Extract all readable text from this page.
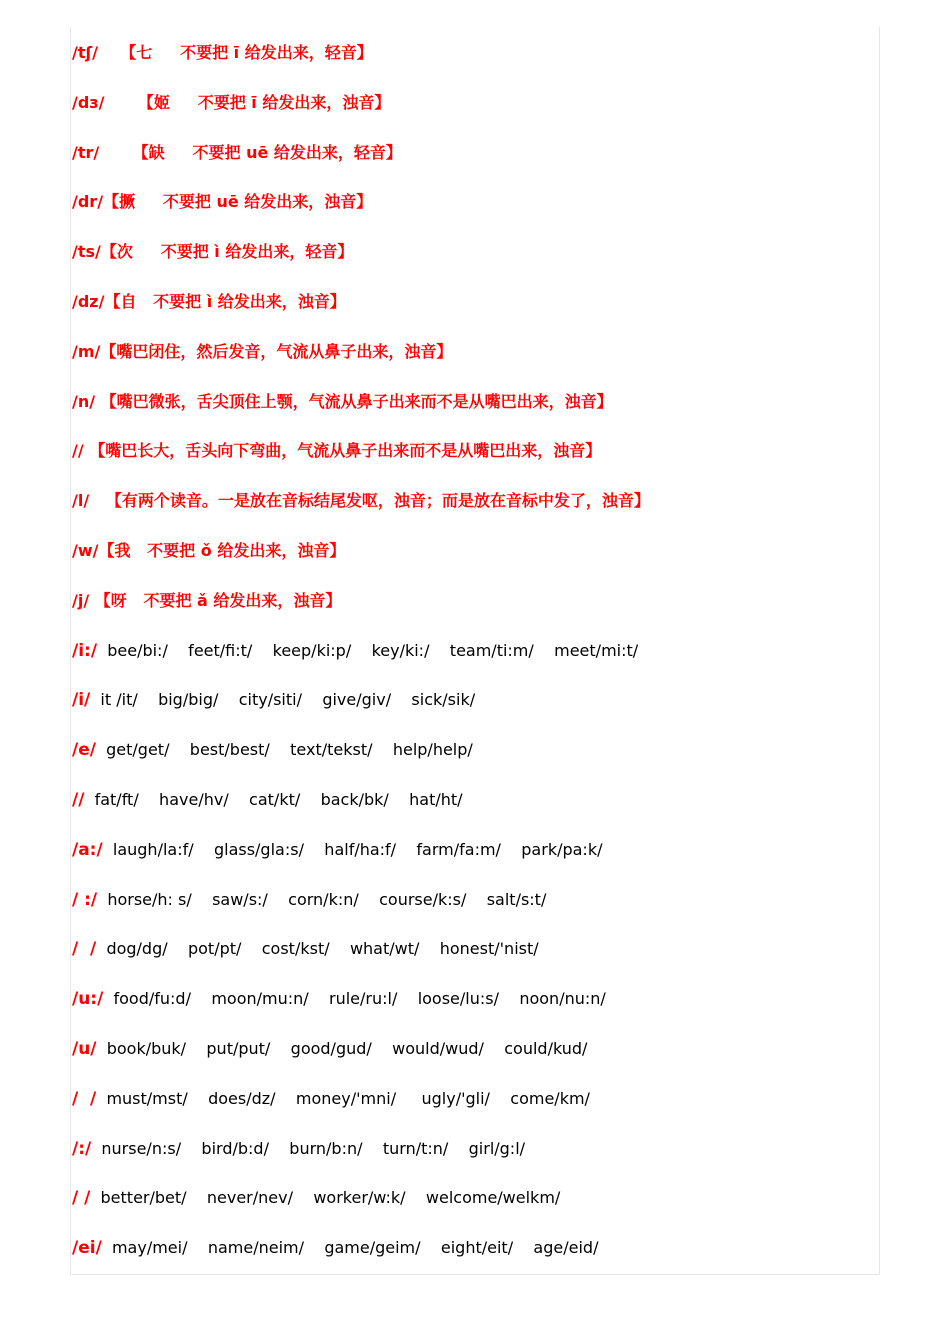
/tʃ/    【七     不要把 ī 给发出来，轻音】
/dз/      【姬     不要把 ī 给发出来，浊音】
/tr/      【缺     不要把 uē 给发出来，轻音】
/dr/【撅     不要把 uē 给发出来，浊音】
/ts/【次     不要把 ì 给发出来，轻音】
/dz/【自   不要把 ì 给发出来，浊音】
/m/【嘴巴闭住，然后发音，气流从鼻子出来，浊音】
/n/ 【嘴巴微张，舌尖顶住上颚，气流从鼻子出来而不是从嘴巴出来，浊音】
// 【嘴巴长大，舌头向下弯曲，气流从鼻子出来而不是从嘴巴出来，浊音】
/l/   【有两个读音。一是放在音标结尾发呕，浊音；而是放在音标中发了，浊音】
/w/【我   不要把 ǒ 给发出来，浊音】
/j/ 【呀   不要把 ǎ 给发出来，浊音】
/i:/  bee/bi:/    feet/fi:t/    keep/ki:p/    key/ki:/    team/ti:m/    meet/mi:t/
/i/  it /it/    big/big/    city/siti/    give/giv/    sick/sik/
/e/  get/get/    best/best/    text/tekst/    help/help/
//  fat/ft/    have/hv/    cat/kt/    back/bk/    hat/ht/
/a:/  laugh/la:f/    glass/gla:s/    half/ha:f/    farm/fa:m/    park/pa:k/
/ :/  horse/h: s/    saw/s:/    corn/k:n/    course/k:s/    salt/s:t/
/  /  dog/dg/    pot/pt/    cost/kst/    what/wt/    honest/'nist/
/u:/  food/fu:d/    moon/mu:n/    rule/ru:l/    loose/lu:s/    noon/nu:n/
/u/  book/buk/    put/put/    good/gud/    would/wud/    could/kud/
/  /  must/mst/    does/dz/    money/'mni/     ugly/'gli/    come/km/
/:/  nurse/n:s/    bird/b:d/    burn/b:n/    turn/t:n/    girl/g:l/
/ /  better/bet/    never/nev/    worker/w:k/    welcome/welkm/
/ei/  may/mei/    name/neim/    game/geim/    eight/eit/    age/eid/
